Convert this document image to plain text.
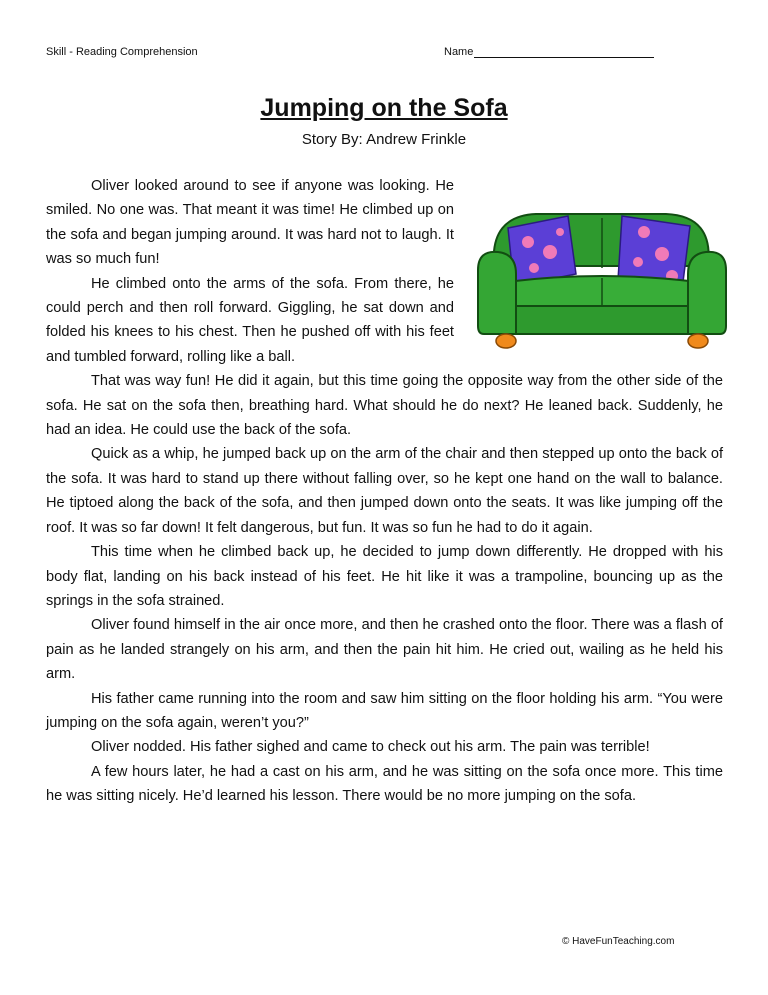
Skill - Reading Comprehension	Name
Jumping on the Sofa
Story By: Andrew Frinkle

Oliver looked around to see if anyone was looking. He smiled. No one was. That meant it was time! He climbed up on the sofa and began jumping around. It was hard not to laugh. It was so much fun!

He climbed onto the arms of the sofa. From there, he could perch and then roll forward. Giggling, he sat down and folded his knees to his chest. Then he pushed off with his feet and tumbled forward, rolling like a ball.

That was way fun! He did it again, but this time going the opposite way from the other side of the sofa. He sat on the sofa then, breathing hard. What should he do next? He leaned back. Suddenly, he had an idea. He could use the back of the sofa.

Quick as a whip, he jumped back up on the arm of the chair and then stepped up onto the back of the sofa. It was hard to stand up there without falling over, so he kept one hand on the wall to balance. He tiptoed along the back of the sofa, and then jumped down onto the seats. It was like jumping off the roof. It was so far down! It felt dangerous, but fun. It was so fun he had to do it again.

This time when he climbed back up, he decided to jump down differently. He dropped with his body flat, landing on his back instead of his feet. He hit like it was a trampoline, bouncing up as the springs in the sofa strained.

Oliver found himself in the air once more, and then he crashed onto the floor. There was a flash of pain as he landed strangely on his arm, and then the pain hit him. He cried out, wailing as he held his arm.

His father came running into the room and saw him sitting on the floor holding his arm. “You were jumping on the sofa again, weren’t you?”

Oliver nodded. His father sighed and came to check out his arm. The pain was terrible!

A few hours later, he had a cast on his arm, and he was sitting on the sofa once more. This time he was sitting nicely. He’d learned his lesson. There would be no more jumping on the sofa.

© HaveFunTeaching.com
